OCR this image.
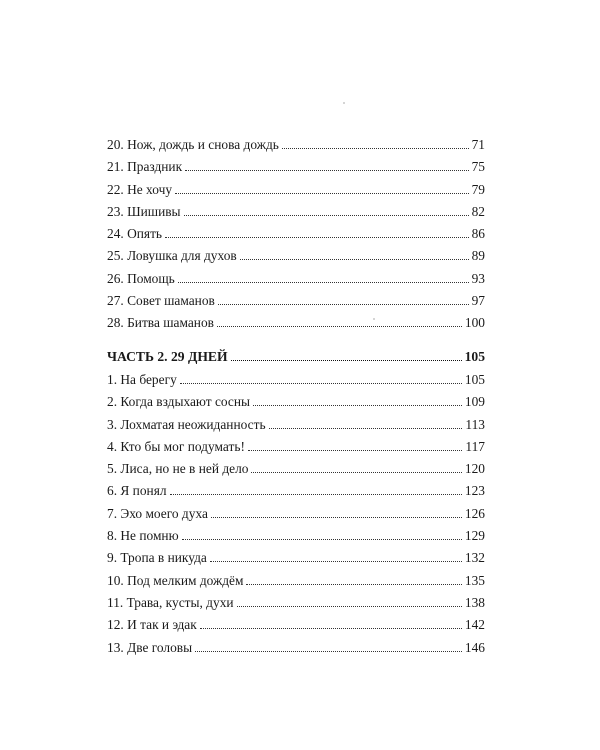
20. Нож, дождь и снова дождь	71
21. Праздник	75
22. Не хочу	79
23. Шишивы	82
24. Опять	86
25. Ловушка для духов	89
26. Помощь	93
27. Совет шаманов	97
28. Битва шаманов	100
ЧАСТЬ 2. 29 ДНЕЙ	105
1. На берегу	105
2. Когда вздыхают сосны	109
3. Лохматая неожиданность	113
4. Кто бы мог подумать!	117
5. Лиса, но не в ней дело	120
6. Я понял	123
7. Эхо моего духа	126
8. Не помню	129
9. Тропа в никуда	132
10. Под мелким дождём	135
11. Трава, кусты, духи	138
12. И так и эдак	142
13. Две головы	146
